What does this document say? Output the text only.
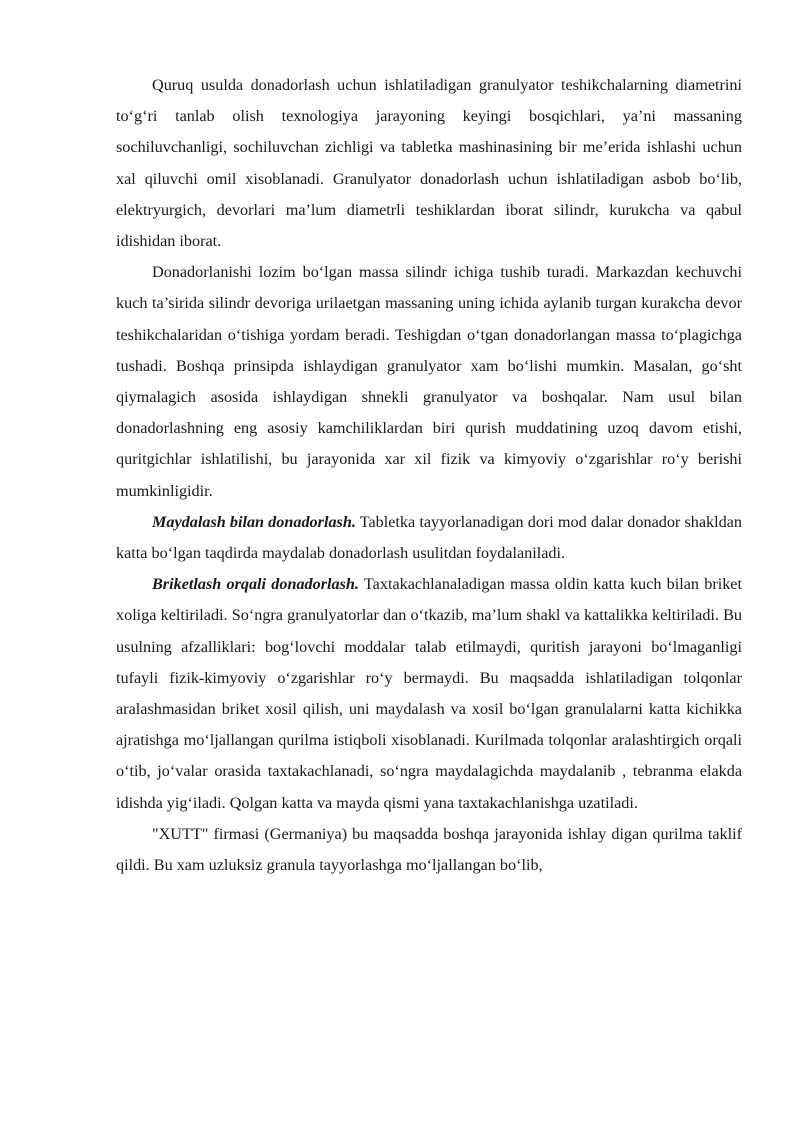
Quruq usulda donadorlash uchun ishlatiladigan granulyator teshikchalarning diametrini to‘g‘ri tanlab olish texnologiya jarayoning keyingi bosqichlari, ya’ni massaning sochiluvchanligi, sochiluvchan zichligi va tabletka mashinasining bir me’erida ishlashi uchun xal qiluvchi omil xisoblanadi. Granulyator donadorlash uchun ishlatiladigan asbob bo‘lib, elektryurgich, devorlari ma’lum diametrli teshiklardan iborat silindr, kurukcha va qabul idishidan iborat.

Donadorlanishi lozim bo‘lgan massa silindr ichiga tushib turadi. Markazdan kechuvchi kuch ta’sirida silindr devoriga urilaetgan massaning uning ichida aylanib turgan kurakcha devor teshikchalaridan o‘tishiga yordam beradi. Teshigdan o‘tgan donadorlangan massa to‘plagichga tushadi. Boshqa prinsipda ishlaydigan granulyator xam bo‘lishi mumkin. Masalan, go‘sht qiymalagich asosida ishlaydigan shnekli granulyator va boshqalar. Nam usul bilan donadorlashning eng asosiy kamchiliklardan biri qurish muddatining uzoq davom etishi, quritgichlar ishlatilishi, bu jarayonida xar xil fizik va kimyoviy o‘zgarishlar ro‘y berishi mumkinligidir.

Maydalash bilan donadorlash. Tabletka tayyorlanadigan dori mod dalar donador shakldan katta bo‘lgan taqdirda maydalab donadorlash usulitdan foydalaniladi.

Briketlash orqali donadorlash. Taxtakachlanaladigan massa oldin katta kuch bilan briket xoliga keltiriladi. So‘ngra granulyatorlar dan o‘tkazib, ma’lum shakl va kattalikka keltiriladi. Bu usulning afzalliklari: bog‘lovchi moddalar talab etilmaydi, quritish jarayoni bo‘lmaganligi tufayli fizik-kimyoviy o‘zgarishlar ro‘y bermaydi. Bu maqsadda ishlatiladigan tolqonlar aralashmasidan briket xosil qilish, uni maydalash va xosil bo‘lgan granulalarni katta kichikka ajratishga mo‘ljallangan qurilma istiqboli xisoblanadi. Kurilmada tolqonlar aralashtirgich orqali o‘tib, jo‘valar orasida taxtakachlanadi, so‘ngra maydalagichda maydalanib , tebranma elakda idishda yig‘iladi. Qolgan katta va mayda qismi yana taxtakachlanishga uzatiladi.

"XUTT" firmasi (Germaniya) bu maqsadda boshqa jarayonida ishlay digan qurilma taklif qildi. Bu xam uzluksiz granula tayyorlashga mo‘ljallangan bo‘lib,
